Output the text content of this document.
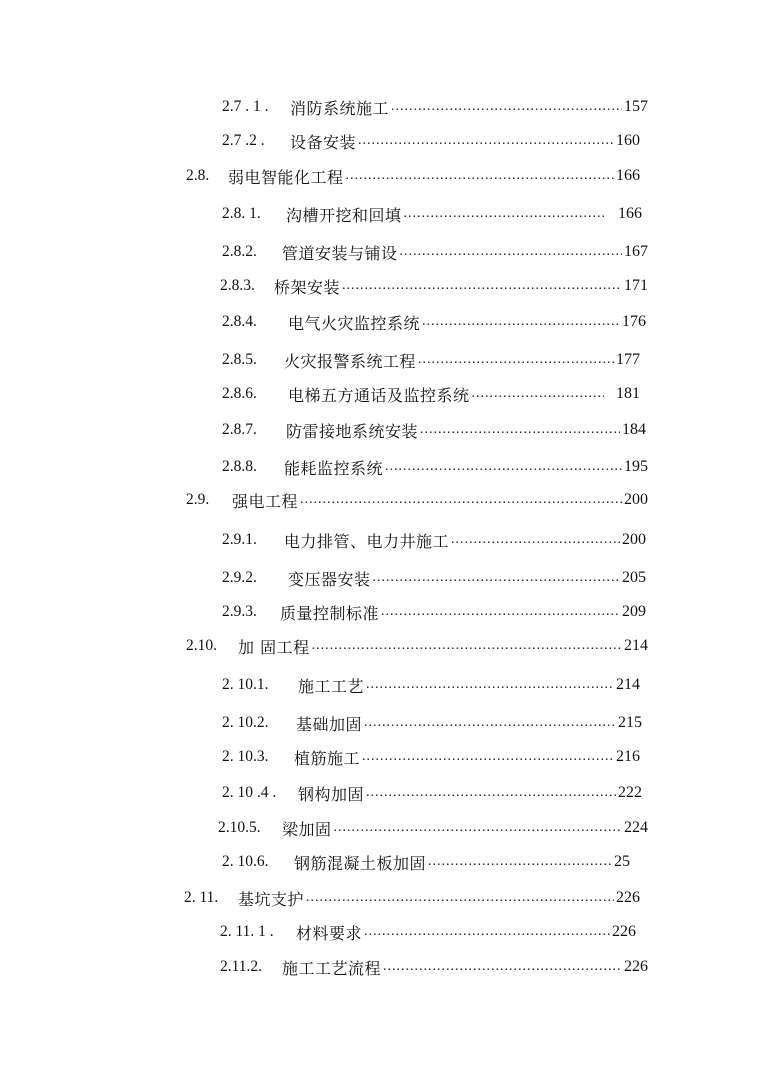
2.7 . 1 .	消防系统施工 .....	157
2.7 .2 .	设备安装 .....	160
2.8.	弱电智能化工程 .....	166
2.8. 1.	沟槽开挖和回填 .....	166
2.8.2.	管道安装与铺设 .....	167
2.8.3.	桥架安装 .....	171
2.8.4.	电气火灾监控系统 .....	176
2.8.5.	火灾报警系统工程 .....	177
2.8.6.	电梯五方通话及监控系统 .....	181
2.8.7.	防雷接地系统安装 .....	184
2.8.8.	能耗监控系统 .....	195
2.9.	强电工程 .....	200
2.9.1.	电力排管、电力井施工 .....	200
2.9.2.	变压器安装 .....	205
2.9.3.	质量控制标准 .....	209
2.10.	加 固工程 .....	214
2. 10.1.	施工工艺 .....	214
2. 10.2.	基础加固 .....	215
2. 10.3.	植筋施工 .....	216
2. 10 .4 .	钢构加固 .....	222
2.10.5.	梁加固 .....	224
2. 10.6.	钢筋混凝土板加固 .....	25
2. 11.	基坑支护 .....	226
2. 11. 1 .	材料要求 .....	226
2.11.2.	施工工艺流程 .....	226
